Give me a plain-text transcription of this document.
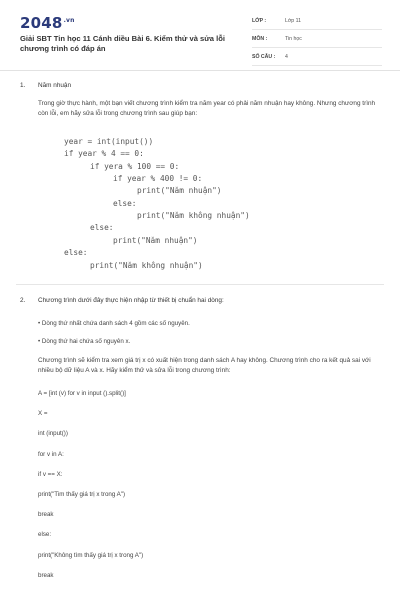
$2048^{.vn}$
Giải SBT Tin học 11 Cánh diều Bài 6. Kiểm thử và sửa lỗi chương trình có đáp án
LỚP :	Lớp 11
MÔN :	Tin học
SỐ CÂU : 4
1. Năm nhuận
Trong giờ thực hành, một bạn viết chương trình kiểm tra năm year có phải năm nhuận hay không. Nhưng chương trình còn lỗi, em hãy sửa lỗi trong chương trình sau giúp bạn:
year = int(input())
if year % 4 == 0:
if yera % 100 == 0:
if year % 400 != 0:
print("Năm nhuận")
else:
print("Năm không nhuận")
else:
print("Năm nhuận")
else:
print("Năm không nhuận")
2. Chương trình dưới đây thực hiện nhập từ thiết bị chuẩn hai dòng:
• Dòng thứ nhất chứa danh sách 4 gồm các số nguyên.
• Dòng thứ hai chứa số nguyên x.
Chương trình sẽ kiểm tra xem giá trị x có xuất hiện trong danh sách A hay không. Chương trình cho ra kết quả sai với nhiều bộ dữ liệu A và x. Hãy kiểm thử và sửa lỗi trong chương trình:
A = [int (v) for v in input ().split()]
X =
int (input())
for v in A:
if v == X:
print("Tim thấy giá trị x trong A")
break
else:
print("Không tìm thấy giá trị x trong A")
break
